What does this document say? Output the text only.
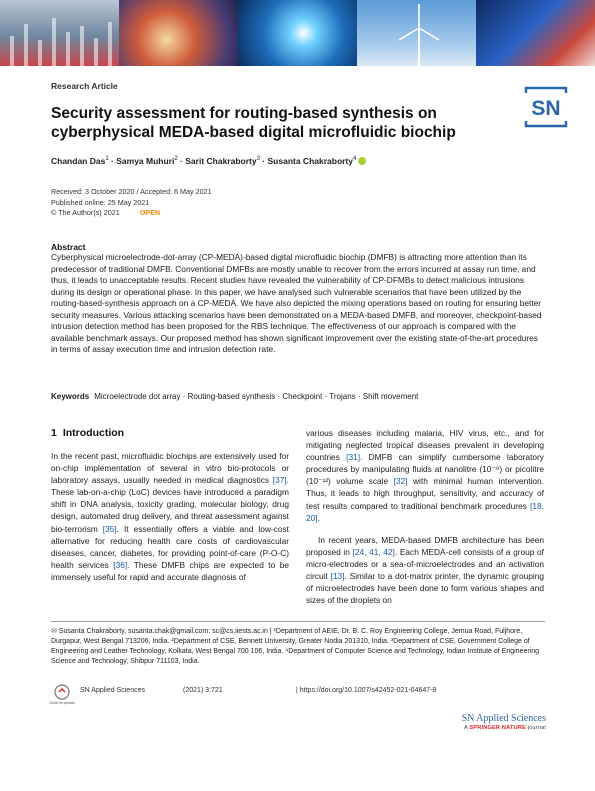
Research Article
Security assessment for routing-based synthesis on cyberphysical MEDA-based digital microfluidic biochip
SN
Chandan Das$^1$ · Samya Muhuri$^2$ · Sarit Chakraborty$^3$ · Susanta Chakraborty$^4$
Received: 3 October 2020 / Accepted: 6 May 2021
Published online: 25 May 2021
© The Author(s) 2021	OPEN
Abstract

Cyberphysical microelectrode-dot-array (CP-MEDA)-based digital microfluidic biochip (DMFB) is attracting more attention than its predecessor of traditional DMFB. Conventional DMFBs are mostly unable to recover from the errors incurred at assay run time, and thus, it leads to unacceptable results. Recent studies have revealed the vulnerability of CP-DFMBs to detect malicious intrusions during its design or operational phase. In this paper, we have analysed such vulnerable scenarios that have been utilized by the routing-based-synthesis approach on a CP-MEDA. We have also depicted the mixing operations based on routing for ensuring better security measures. Various attacking scenarios have been demonstrated on a MEDA-based DMFB, and moreover, checkpoint-based intrusion detection method has been proposed for the RBS technique. The effectiveness of our approach is compared with the available benchmark assays. Our proposed method has shown significant improvement over the existing state-of-the-art procedures in terms of assay execution time and intrusion detection rate.

Keywords Microelectrode dot array · Routing-based synthesis · Checkpoint · Trojans · Shift movement
1 Introduction

In the recent past, microfluidic biochips are extensively used for on-chip implementation of several in vitro bio-protocols or laboratory assays, usually needed in medical diagnostics [37]. These lab-on-a-chip (LoC) devices have introduced a paradigm shift in DNA analysis, toxicity grading, molecular biology, drug design, automated drug delivery, and threat assessment against bio-terrorism [35]. It essentially offers a viable and low-cost alternative for reducing health care costs of cardiovascular diseases, cancer, diabetes, for providing point-of-care (P-O-C) health services [36]. These DMFB chips are expected to be immensely useful for rapid and accurate diagnosis of

various diseases including malaria, HIV virus, etc., and for mitigating neglected tropical diseases prevalent in developing countries [31]. DMFB can simplify cumbersome laboratory procedures by manipulating fluids at nanolitre (10⁻⁹) or picolitre (10⁻¹²) volume scale [32] with minimal human intervention. Thus, it leads to high throughput, sensitivity, and accuracy of test results compared to traditional benchmark procedures [18, 20].

In recent years, MEDA-based DMFB architecture has been proposed in [24, 41, 42]. Each MEDA-cell consists of a group of micro-electrodes or a sea-of-microelectrodes and an activation circuit [13]. Similar to a dot-matrix printer, the dynamic grouping of microelectrodes have been done to form various shapes and sizes of the droplets on

✉ Susanta Chakraborty, susanta.chak@gmail.com; sc@cs.iiests.ac.in | ¹Department of AEIE, Dr. B. C. Roy Engineering College, Jemua Road, Fuljhore, Durgapur, West Bengal 713206, India. ²Department of CSE, Bennett University, Greater Nodia 201310, India. ³Department of CSE, Government College of Engineering and Leather Technology, Kolkata, West Bengal 700 106, India. ⁴Department of Computer Science and Technology, Indian Institute of Engineering Science and Technology, Shibpur 711103, India.
Check for updates
SN Applied Sciences	(2021) 3:721	| https://doi.org/10.1007/s42452-021-04647-9
SN Applied Sciences
A SPRINGER NATURE journal
